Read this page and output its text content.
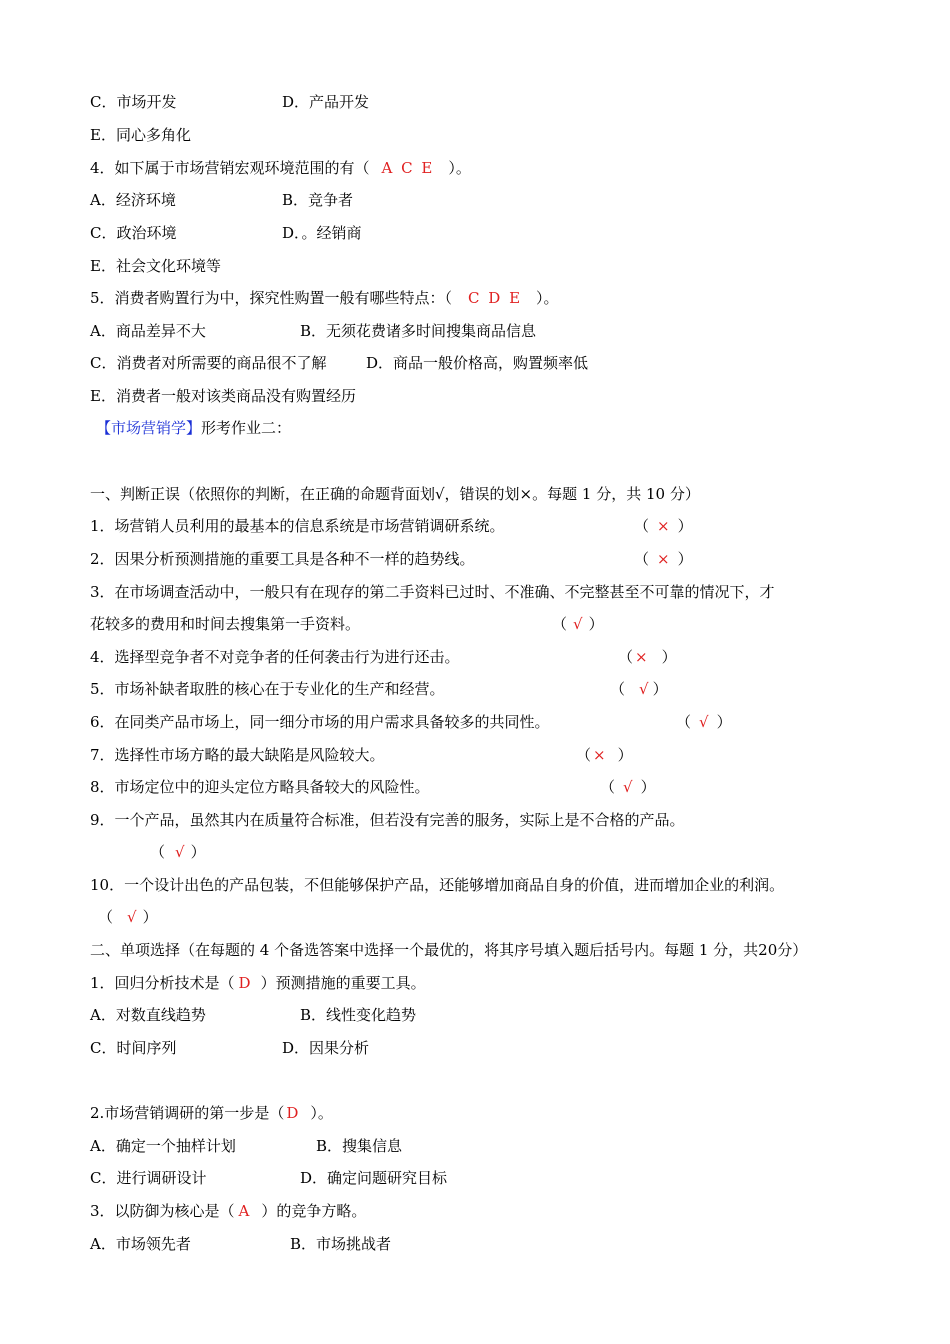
C．市场开发	D．产品开发
E．同心多角化
4．如下属于市场营销宏观环境范围的有（ A C E ）。
A．经济环境	B．竞争者
C．政治环境	D．。经销商
E．社会文化环境等
5．消费者购置行为中，探究性购置一般有哪些特点：（ C D E ）。
A．商品差异不大	B．无须花费诸多时间搜集商品信息
C．消费者对所需要的商品很不了解	D．商品一般价格高，购置频率低
E．消费者一般对该类商品没有购置经历
【市场营销学】形考作业二：
一、判断正误（依照你的判断，在正确的命题背面划√，错误的划×。每题 1 分，共 10 分）
1．场营销人员利用的最基本的信息系统是市场营销调研系统。	（ × ）
2．因果分析预测措施的重要工具是各种不一样的趋势线。	（ × ）
3．在市场调查活动中，一般只有在现存的第二手资料已过时、不准确、不完整甚至不可靠的情况下，才
花较多的费用和时间去搜集第一手资料。	（ √ ）
4．选择型竞争者不对竞争者的任何袭击行为进行还击。	（ × ）
5．市场补缺者取胜的核心在于专业化的生产和经营。	（ √ ）
6．在同类产品市场上，同一细分市场的用户需求具备较多的共同性。	（ √ ）
7．选择性市场方略的最大缺陷是风险较大。	（ × ）
8．市场定位中的迎头定位方略具备较大的风险性。	（ √ ）
9．一个产品，虽然其内在质量符合标准，但若没有完善的服务，实际上是不合格的产品。
（ √ ）
10．一个设计出色的产品包装，不但能够保护产品，还能够增加商品自身的价值，进而增加企业的利润。
（ √ ）
二、单项选择（在每题的 4 个备选答案中选择一个最优的，将其序号填入题后括号内。每题 1 分，共20分）
1．回归分析技术是（ D ）预测措施的重要工具。
A．对数直线趋势	B．线性变化趋势
C．时间序列	D．因果分析
2.市场营销调研的第一步是（ D ）。
A．确定一个抽样计划	B．搜集信息
C．进行调研设计	D．确定问题研究目标
3．以防御为核心是（ A ）的竞争方略。
A．市场领先者	B．市场挑战者
